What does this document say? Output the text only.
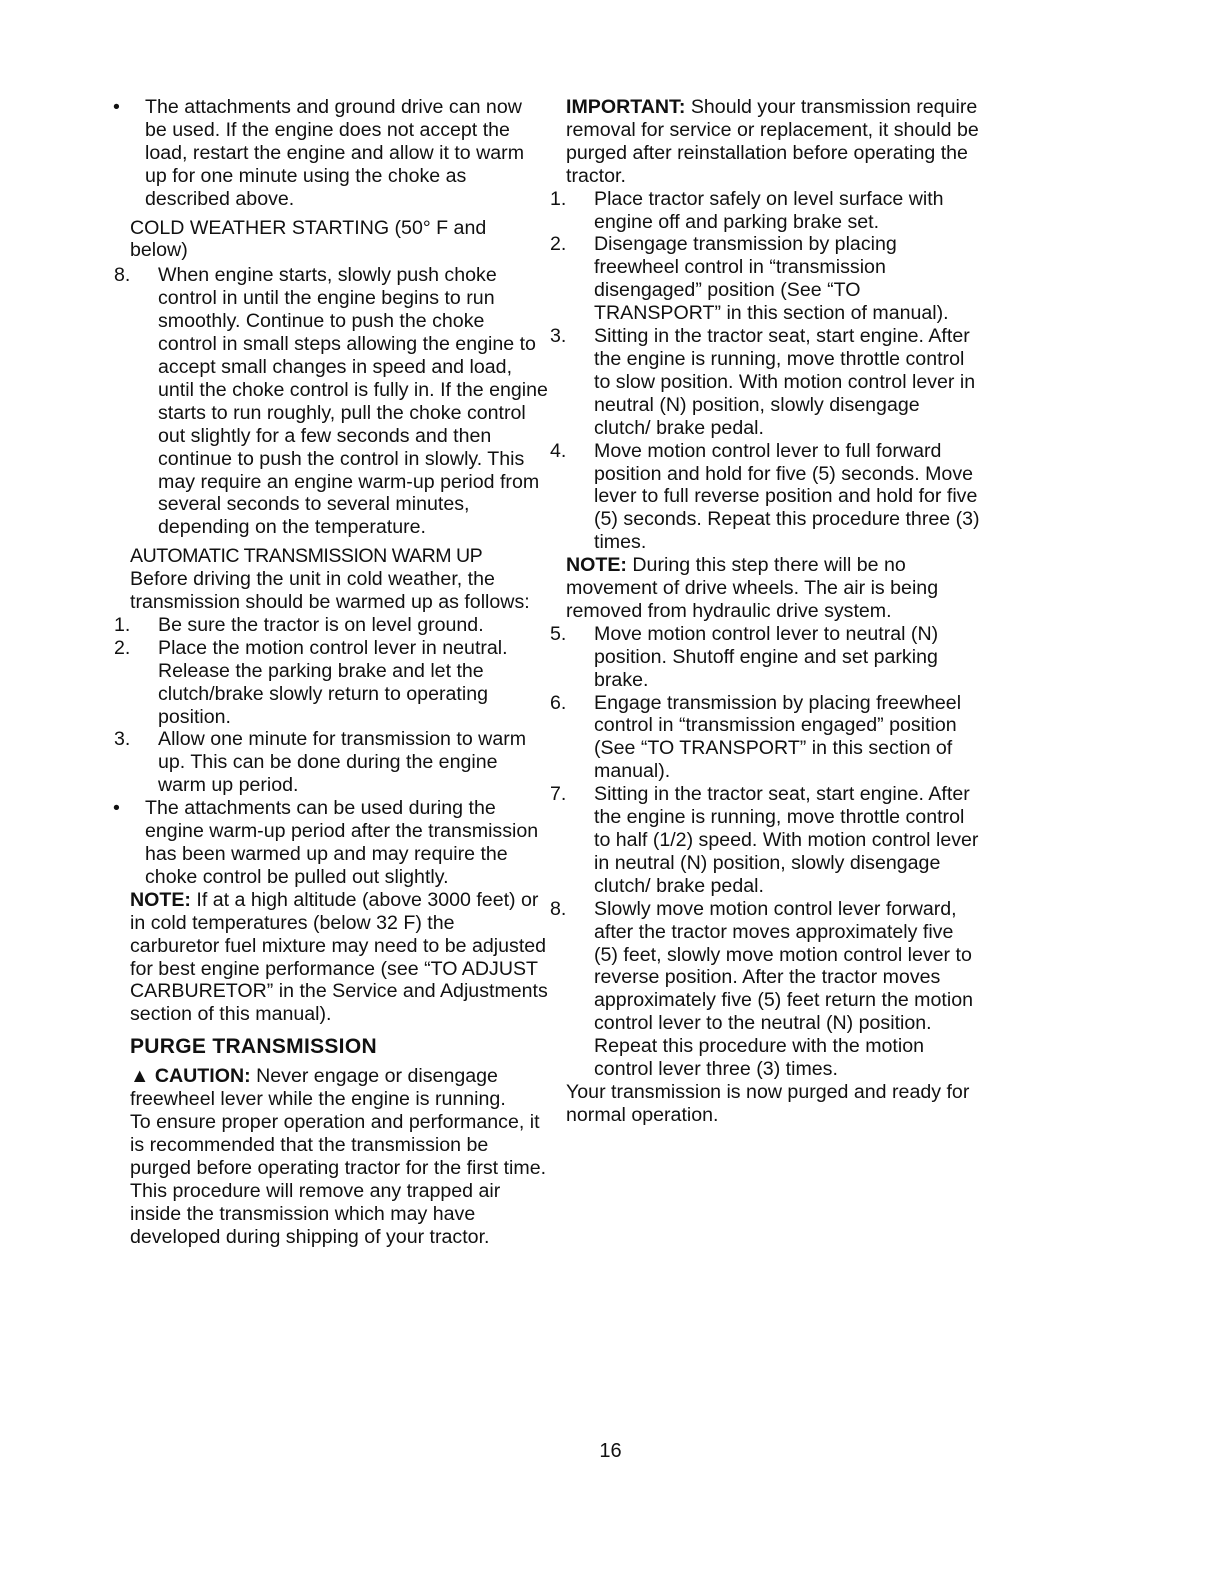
• The attachments and ground drive can now be used. If the engine does not accept the load, restart the engine and allow it to warm up for one minute using the choke as described above.

COLD WEATHER STARTING (50° F and below)

8. When engine starts, slowly push choke control in until the engine begins to run smoothly. Continue to push the choke control in small steps allowing the engine to accept small changes in speed and load, until the choke control is fully in. If the engine starts to run roughly, pull the choke control out slightly for a few seconds and then continue to push the control in slowly. This may require an engine warm-up period from several seconds to several minutes, depending on the temperature.

AUTOMATIC TRANSMISSION WARM UP

Before driving the unit in cold weather, the transmission should be warmed up as follows:

1. Be sure the tractor is on level ground.

2. Place the motion control lever in neutral. Release the parking brake and let the clutch/brake slowly return to operating position.

3. Allow one minute for transmission to warm up. This can be done during the engine warm up period.

• The attachments can be used during the engine warm-up period after the transmission has been warmed up and may require the choke control be pulled out slightly.

NOTE: If at a high altitude (above 3000 feet) or in cold temperatures (below 32 F) the carburetor fuel mixture may need to be adjusted for best engine performance (see “TO ADJUST CARBURETOR” in the Service and Adjustments section of this manual).

PURGE TRANSMISSION

▲ CAUTION: Never engage or disengage freewheel lever while the engine is running.

To ensure proper operation and performance, it is recommended that the transmission be purged before operating tractor for the first time. This procedure will remove any trapped air inside the transmission which may have developed during shipping of your tractor.

IMPORTANT: Should your transmission require removal for service or replacement, it should be purged after reinstallation before operating the tractor.

1. Place tractor safely on level surface with engine off and parking brake set.

2. Disengage transmission by placing freewheel control in “transmission disengaged” position (See “TO TRANSPORT” in this section of manual).

3. Sitting in the tractor seat, start engine. After the engine is running, move throttle control to slow position. With motion control lever in neutral (N) position, slowly disengage clutch/ brake pedal.

4. Move motion control lever to full forward position and hold for five (5) seconds. Move lever to full reverse position and hold for five (5) seconds. Repeat this procedure three (3) times.

NOTE: During this step there will be no movement of drive wheels. The air is being removed from hydraulic drive system.

5. Move motion control lever to neutral (N) position. Shutoff engine and set parking brake.

6. Engage transmission by placing freewheel control in “transmission engaged” position (See “TO TRANSPORT” in this section of manual).

7. Sitting in the tractor seat, start engine. After the engine is running, move throttle control to half (1/2) speed. With motion control lever in neutral (N) position, slowly disengage clutch/ brake pedal.

8. Slowly move motion control lever forward, after the tractor moves approximately five (5) feet, slowly move motion control lever to reverse position. After the tractor moves approximately five (5) feet return the motion control lever to the neutral (N) position. Repeat this procedure with the motion control lever three (3) times.

Your transmission is now purged and ready for normal operation.

16
